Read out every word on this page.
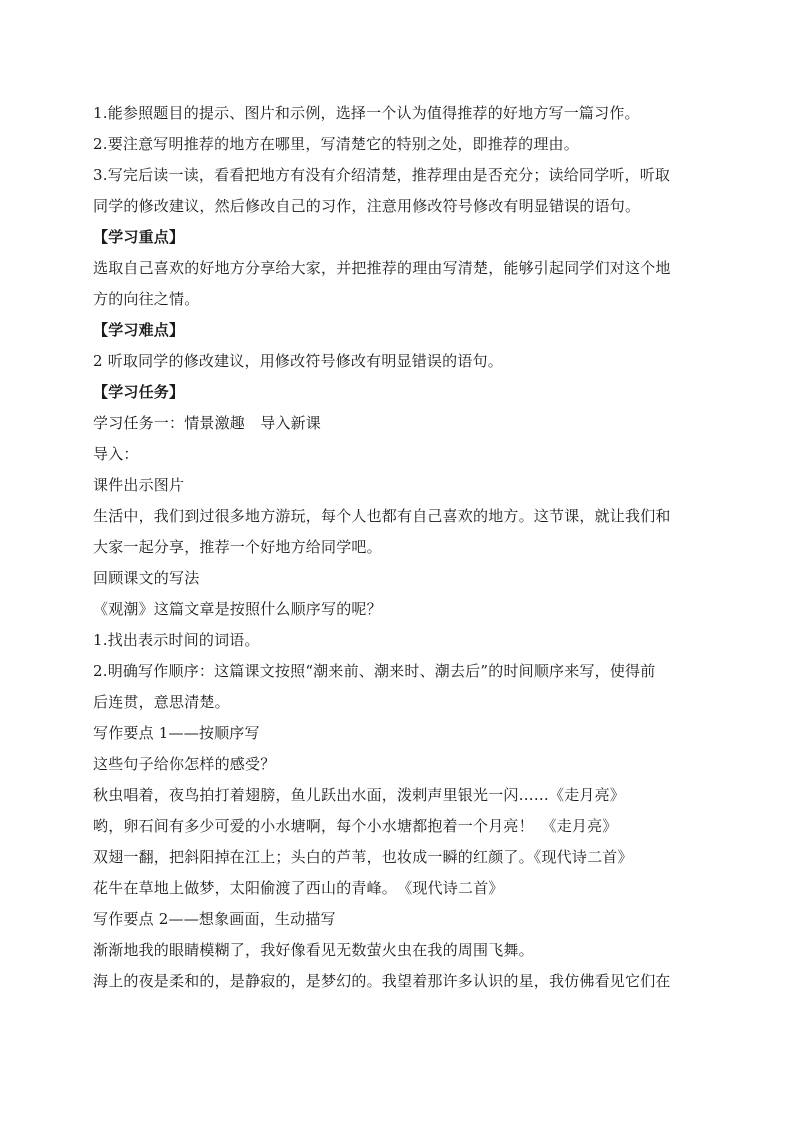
1.能参照题目的提示、图片和示例，选择一个认为值得推荐的好地方写一篇习作。
2.要注意写明推荐的地方在哪里，写清楚它的特别之处，即推荐的理由。
3.写完后读一读，看看把地方有没有介绍清楚，推荐理由是否充分；读给同学听，听取
同学的修改建议，然后修改自己的习作，注意用修改符号修改有明显错误的语句。
【学习重点】
选取自己喜欢的好地方分享给大家，并把推荐的理由写清楚，能够引起同学们对这个地
方的向往之情。
【学习难点】
2 听取同学的修改建议，用修改符号修改有明显错误的语句。
【学习任务】
学习任务一：情景激趣　导入新课
导入：
课件出示图片
生活中，我们到过很多地方游玩，每个人也都有自己喜欢的地方。这节课，就让我们和
大家一起分享，推荐一个好地方给同学吧。
回顾课文的写法
《观潮》这篇文章是按照什么顺序写的呢？
1.找出表示时间的词语。
2.明确写作顺序：这篇课文按照“潮来前、潮来时、潮去后”的时间顺序来写，使得前
后连贯，意思清楚。
写作要点 1——按顺序写
这些句子给你怎样的感受？
秋虫唱着，夜鸟拍打着翅膀，鱼儿跃出水面，泼剌声里银光一闪……《走月亮》
哟，卵石间有多少可爱的小水塘啊，每个小水塘都抱着一个月亮！　《走月亮》
双翅一翻，把斜阳掉在江上；头白的芦苇，也妆成一瞬的红颜了。《现代诗二首》
花牛在草地上做梦，太阳偷渡了西山的青峰。　《现代诗二首》
写作要点 2——想象画面，生动描写
渐渐地我的眼睛模糊了，我好像看见无数萤火虫在我的周围飞舞。
海上的夜是柔和的，是静寂的，是梦幻的。我望着那许多认识的星，我仿佛看见它们在
